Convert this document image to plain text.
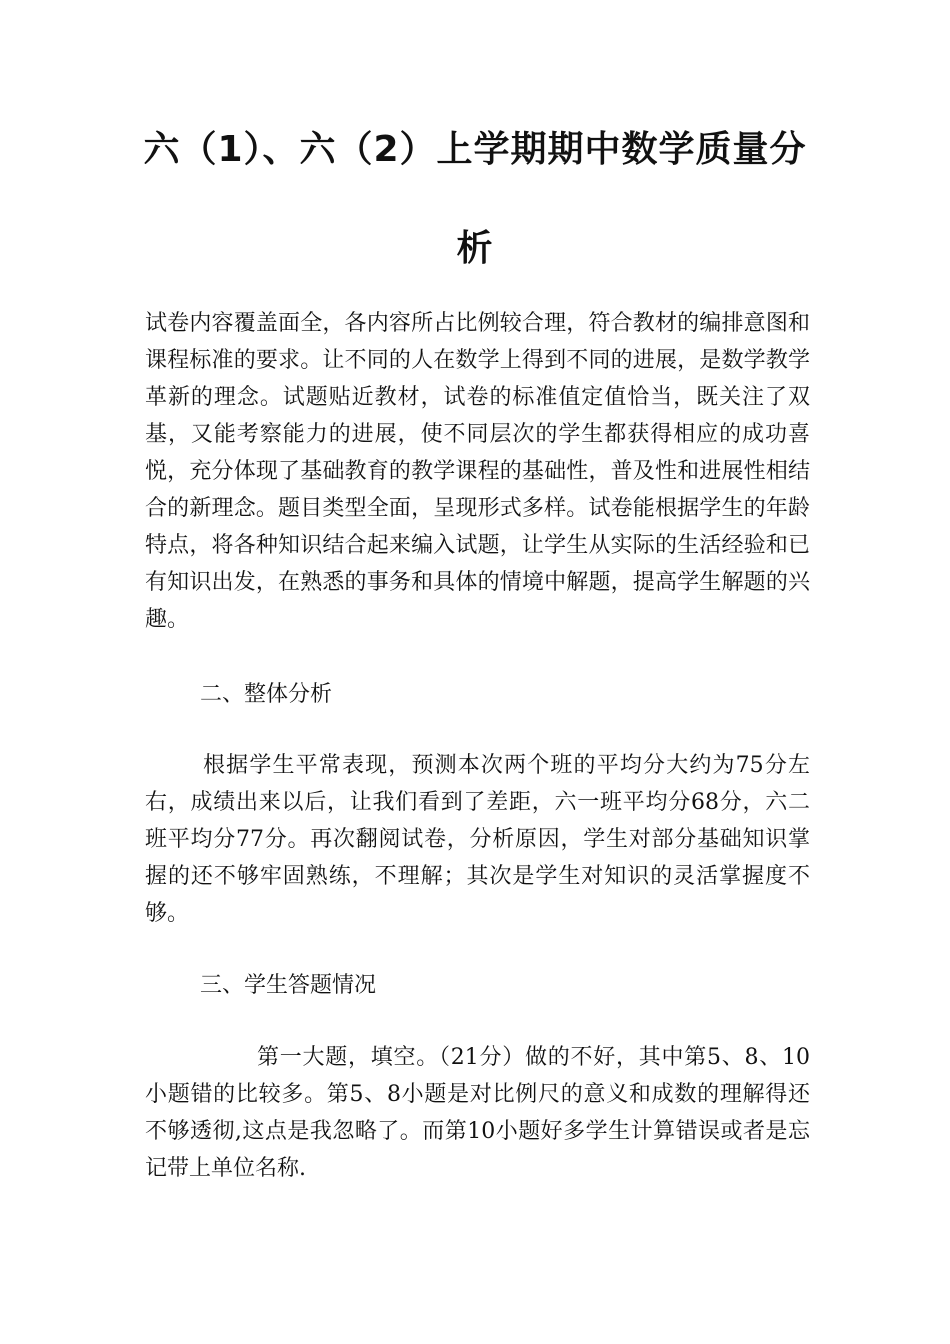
六（1）、六（2）上学期期中数学质量分
析

试卷内容覆盖面全，各内容所占比例较合理，符合教材的编排意图和课程标准的要求。让不同的人在数学上得到不同的进展，是数学教学革新的理念。试题贴近教材，试卷的标准值定值恰当，既关注了双基，又能考察能力的进展，使不同层次的学生都获得相应的成功喜悦，充分体现了基础教育的教学课程的基础性，普及性和进展性相结合的新理念。题目类型全面，呈现形式多样。试卷能根据学生的年龄特点，将各种知识结合起来编入试题，让学生从实际的生活经验和已有知识出发，在熟悉的事务和具体的情境中解题，提高学生解题的兴趣。

二、整体分析

根据学生平常表现，预测本次两个班的平均分大约为75分左右，成绩出来以后，让我们看到了差距，六一班平均分68分，六二班平均分77分。再次翻阅试卷，分析原因，学生对部分基础知识掌握的还不够牢固熟练，不理解；其次是学生对知识的灵活掌握度不够。

三、学生答题情况

第一大题，填空。（21分）做的不好，其中第5、8、10小题错的比较多。第5、8小题是对比例尺的意义和成数的理解得还不够透彻,这点是我忽略了。而第10小题好多学生计算错误或者是忘记带上单位名称.
